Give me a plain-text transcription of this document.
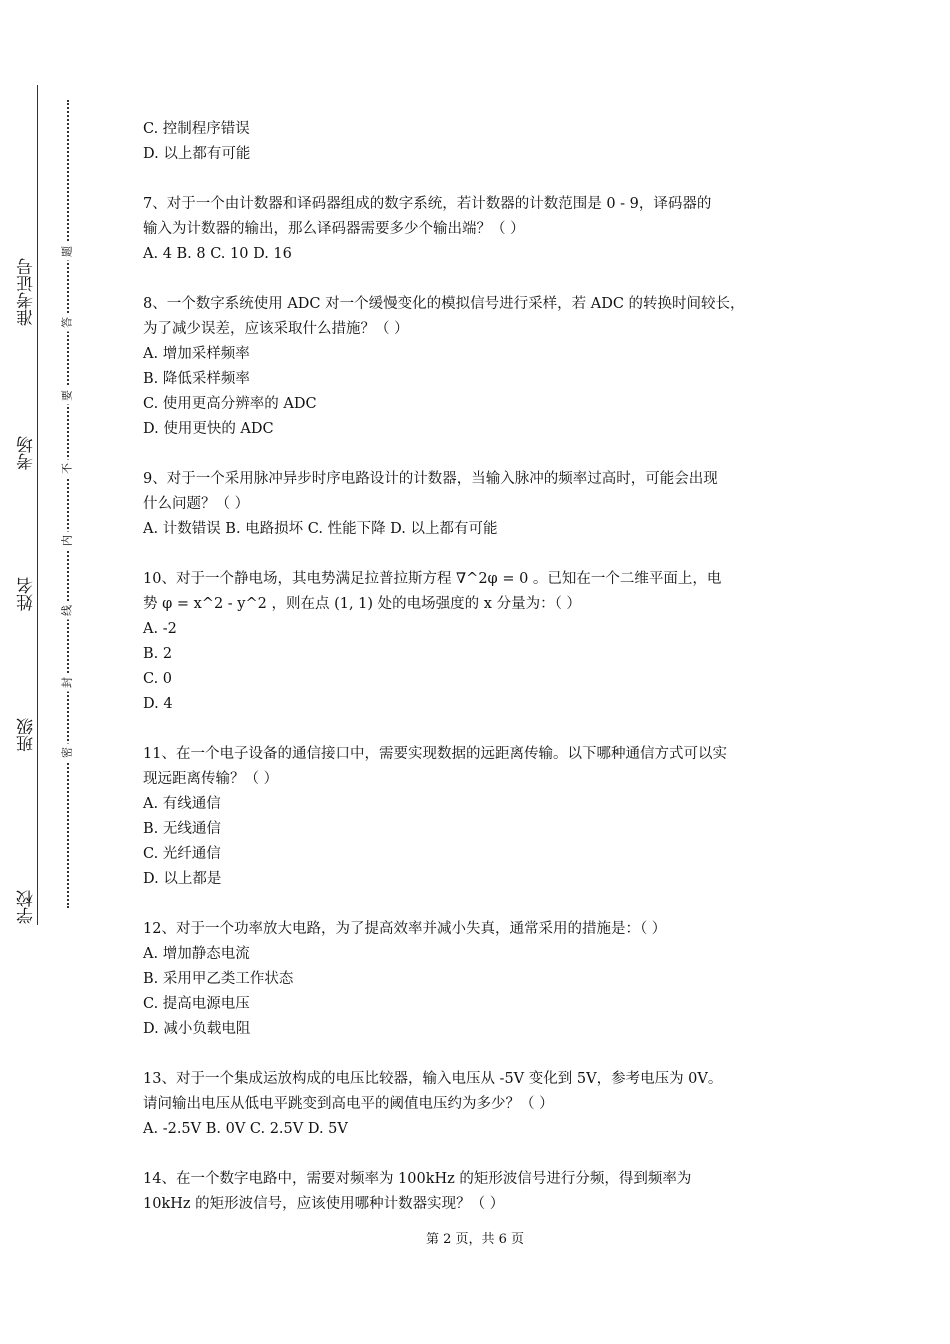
准考证号
考场
姓名
班级
学校
题
答
要
不
内
线
封
密
C. 控制程序错误
D. 以上都有可能
7、对于一个由计数器和译码器组成的数字系统，若计数器的计数范围是 0 - 9，译码器的
输入为计数器的输出，那么译码器需要多少个输出端？（ ）
A. 4 B. 8 C. 10 D. 16
8、一个数字系统使用 ADC 对一个缓慢变化的模拟信号进行采样，若 ADC 的转换时间较长，
为了减少误差，应该采取什么措施？（ ）
A. 增加采样频率
B. 降低采样频率
C. 使用更高分辨率的 ADC
D. 使用更快的 ADC
9、对于一个采用脉冲异步时序电路设计的计数器，当输入脉冲的频率过高时，可能会出现
什么问题？（ ）
A. 计数错误 B. 电路损坏 C. 性能下降 D. 以上都有可能
10、对于一个静电场，其电势满足拉普拉斯方程 ∇^2φ = 0 。已知在一个二维平面上，电
势 φ = x^2 - y^2 ，则在点 (1, 1) 处的电场强度的 x 分量为：（ ）
A. -2
B. 2
C. 0
D. 4
11、在一个电子设备的通信接口中，需要实现数据的远距离传输。以下哪种通信方式可以实
现远距离传输？（ ）
A. 有线通信
B. 无线通信
C. 光纤通信
D. 以上都是
12、对于一个功率放大电路，为了提高效率并减小失真，通常采用的措施是：（ ）
A. 增加静态电流
B. 采用甲乙类工作状态
C. 提高电源电压
D. 减小负载电阻
13、对于一个集成运放构成的电压比较器，输入电压从 -5V 变化到 5V，参考电压为 0V。
请问输出电压从低电平跳变到高电平的阈值电压约为多少？（ ）
A. -2.5V B. 0V C. 2.5V D. 5V
14、在一个数字电路中，需要对频率为 100kHz 的矩形波信号进行分频，得到频率为
10kHz 的矩形波信号，应该使用哪种计数器实现？（ ）
第 2 页，共 6 页
